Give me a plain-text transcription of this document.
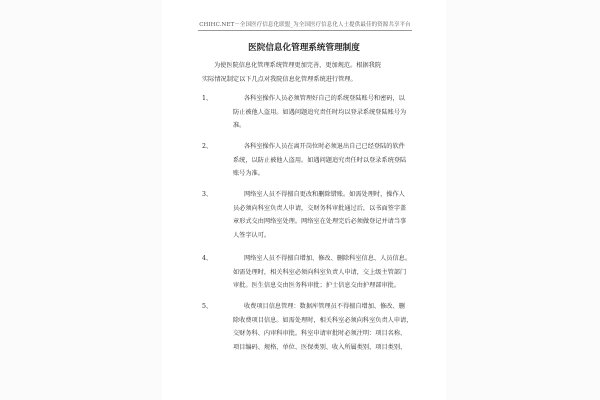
CHIHC.NET－全国医疗信息化联盟_为全国医疗信息化人士提供最佳的资源共享平台
医院信息化管理系统管理制度
为使医院信息化管理系统管理更加完善，更加规范。根据我院
实际情况制定以下几点对我院信息化管理系统进行管理。
1、	各科室操作人员必须管理好自己的系统登陆账号和密码，以
防止被他人盗用。如遇问题追究责任时均以登录系统登陆账号为
准。
2、	各科室操作人员在离开岗位时必须退出自己已经登陆的软件
系统，以防止被他人盗用。如遇问题追究责任时以登录系统登陆
账号为准。
3、	网络室人员不得擅自更改和删除错账。如需处理时，操作人
员必须向科室负责人申请，交财务科审批通过后，以书面签字盖
章形式交由网络室处理。网络室在处理完后必须做登记并请当事
人签字认可。
4、	网络室人员不得擅自增加、修改、删除科室信息、人员信息。
如需处理时，相关科室必须向科室负责人申请，交上级主管部门
审批。医生信息交由医务科审批；护士信息交由护理部审批。
5、	收费项目信息管理：数据库管理员不得擅自增加、修改、删
除收费项目信息。如需处理时，相关科室必须向科室负责人申请，
交财务科、内审科审批。科室申请审批时必须注明：项目名称、
项目编码、规格、单位、医保类别、收入所属类别、项目类别、
